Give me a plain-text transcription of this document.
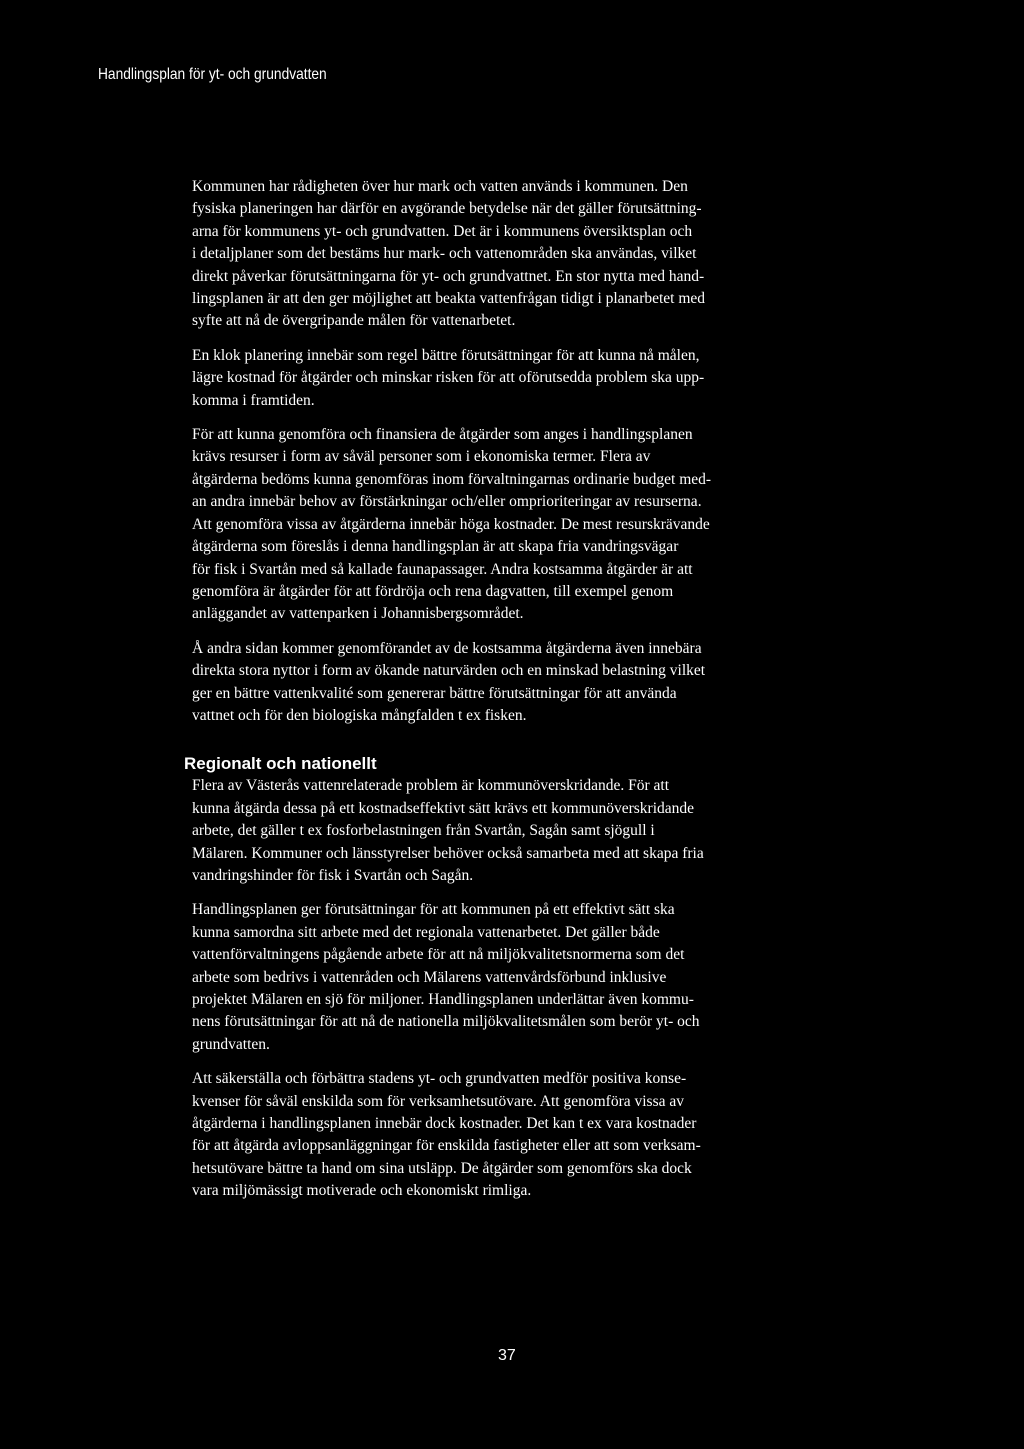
Handlingsplan för yt- och grundvatten

Kommunen har rådigheten över hur mark och vatten används i kommunen. Den
fysiska planeringen har därför en avgörande betydelse när det gäller förutsättning-
arna för kommunens yt- och grundvatten. Det är i kommunens översiktsplan och
i detaljplaner som det bestäms hur mark- och vattenområden ska användas, vilket
direkt påverkar förutsättningarna för yt- och grundvattnet. En stor nytta med hand-
lingsplanen är att den ger möjlighet att beakta vattenfrågan tidigt i planarbetet med
syfte att nå de övergripande målen för vattenarbetet.

En klok planering innebär som regel bättre förutsättningar för att kunna nå målen,
lägre kostnad för åtgärder och minskar risken för att oförutsedda problem ska upp-
komma i framtiden.

För att kunna genomföra och finansiera de åtgärder som anges i handlingsplanen
krävs resurser i form av såväl personer som i ekonomiska termer. Flera av
åtgärderna bedöms kunna genomföras inom förvaltningarnas ordinarie budget med-
an andra innebär behov av förstärkningar och/eller omprioriteringar av resurserna.
Att genomföra vissa av åtgärderna innebär höga kostnader. De mest resurskrävande
åtgärderna som föreslås i denna handlingsplan är att skapa fria vandringsvägar
för fisk i Svartån med så kallade faunapassager. Andra kostsamma åtgärder är att
genomföra är åtgärder för att fördröja och rena dagvatten, till exempel genom
anläggandet av vattenparken i Johannisbergsområdet.

Å andra sidan kommer genomförandet av de kostsamma åtgärderna även innebära
direkta stora nyttor i form av ökande naturvärden och en minskad belastning vilket
ger en bättre vattenkvalité som genererar bättre förutsättningar för att använda
vattnet och för den biologiska mångfalden t ex fisken.

Regionalt och nationellt

Flera av Västerås vattenrelaterade problem är kommunöverskridande. För att
kunna åtgärda dessa på ett kostnadseffektivt sätt krävs ett kommunöverskridande
arbete, det gäller t ex fosforbelastningen från Svartån, Sagån samt sjögull i
Mälaren. Kommuner och länsstyrelser behöver också samarbeta med att skapa fria
vandringshinder för fisk i Svartån och Sagån.

Handlingsplanen ger förutsättningar för att kommunen på ett effektivt sätt ska
kunna samordna sitt arbete med det regionala vattenarbetet. Det gäller både
vattenförvaltningens pågående arbete för att nå miljökvalitetsnormerna som det
arbete som bedrivs i vattenråden och Mälarens vattenvårdsförbund inklusive
projektet Mälaren en sjö för miljoner. Handlingsplanen underlättar även kommu-
nens förutsättningar för att nå de nationella miljökvalitetsmålen som berör yt- och
grundvatten.

Att säkerställa och förbättra stadens yt- och grundvatten medför positiva konse-
kvenser för såväl enskilda som för verksamhetsutövare. Att genomföra vissa av
åtgärderna i handlingsplanen innebär dock kostnader. Det kan t ex vara kostnader
för att åtgärda avloppsanläggningar för enskilda fastigheter eller att som verksam-
hetsutövare bättre ta hand om sina utsläpp. De åtgärder som genomförs ska dock
vara miljömässigt motiverade och ekonomiskt rimliga.

37
